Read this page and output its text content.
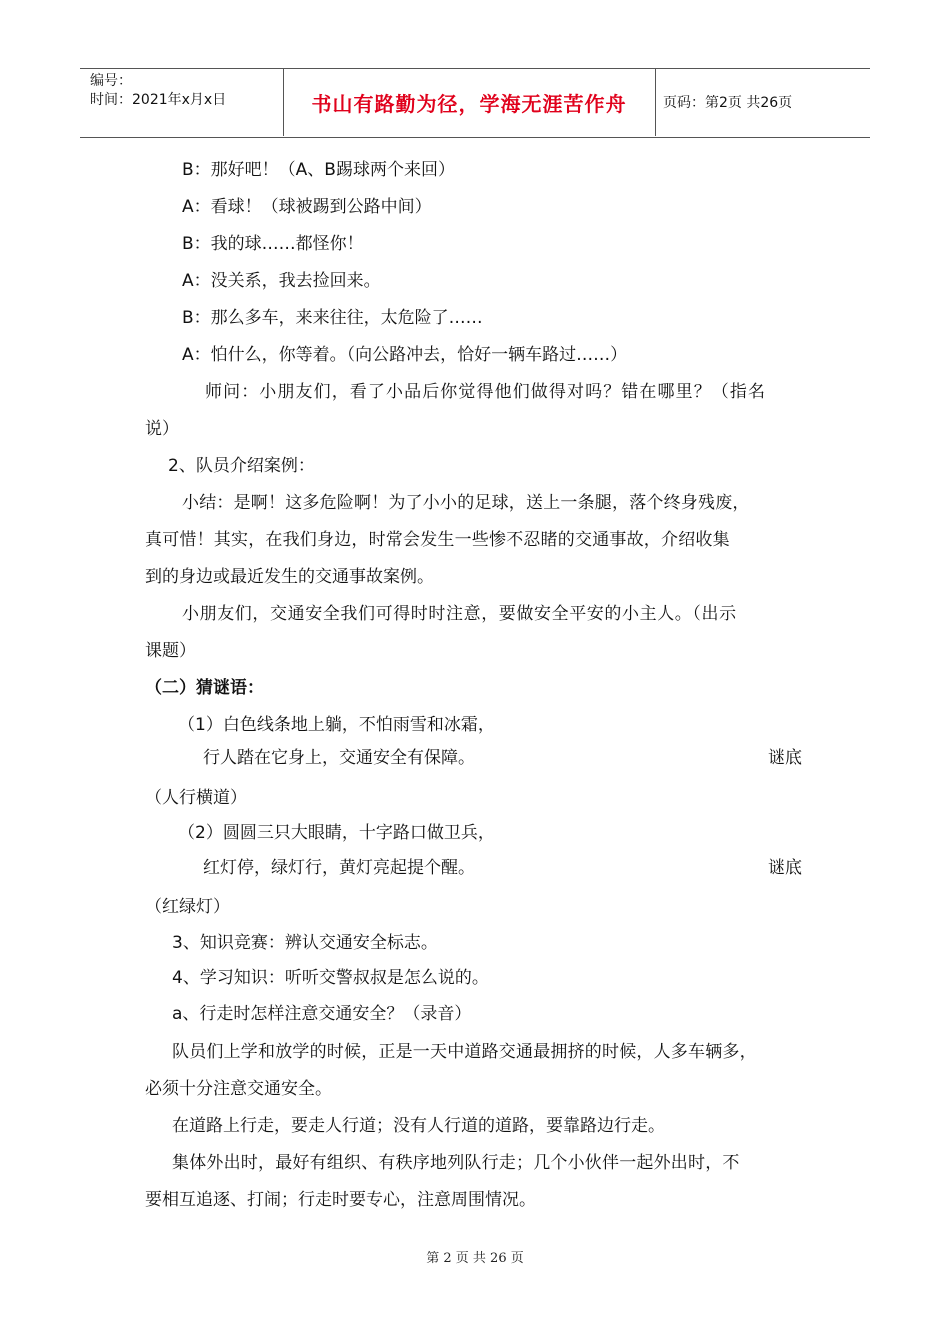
编号：
时间：2021年x月x日	书山有路勤为径，学海无涯苦作舟	页码：第2页 共26页
B：那好吧！（A、B踢球两个来回）
A：看球！（球被踢到公路中间）
B：我的球……都怪你！
A：没关系，我去捡回来。
B：那么多车，来来往往，太危险了……
A：怕什么，你等着。（向公路冲去，恰好一辆车路过……）
师问：小朋友们，看了小品后你觉得他们做得对吗？错在哪里？（指名
说）
2、队员介绍案例：
小结：是啊！这多危险啊！为了小小的足球，送上一条腿，落个终身残废，
真可惜！其实，在我们身边，时常会发生一些惨不忍睹的交通事故，介绍收集
到的身边或最近发生的交通事故案例。
小朋友们，交通安全我们可得时时注意，要做安全平安的小主人。（出示
课题）
（二）猜谜语：
（1）白色线条地上躺，不怕雨雪和冰霜，
行人踏在它身上，交通安全有保障。	谜底
（人行横道）
（2）圆圆三只大眼睛，十字路口做卫兵，
红灯停，绿灯行，黄灯亮起提个醒。	谜底
（红绿灯）
3、知识竞赛：辨认交通安全标志。
4、学习知识：听听交警叔叔是怎么说的。
a、行走时怎样注意交通安全？（录音）
队员们上学和放学的时候，正是一天中道路交通最拥挤的时候，人多车辆多，
必须十分注意交通安全。
在道路上行走，要走人行道；没有人行道的道路，要靠路边行走。
集体外出时，最好有组织、有秩序地列队行走；几个小伙伴一起外出时，不
要相互追逐、打闹；行走时要专心，注意周围情况。
第 2 页 共 26 页
